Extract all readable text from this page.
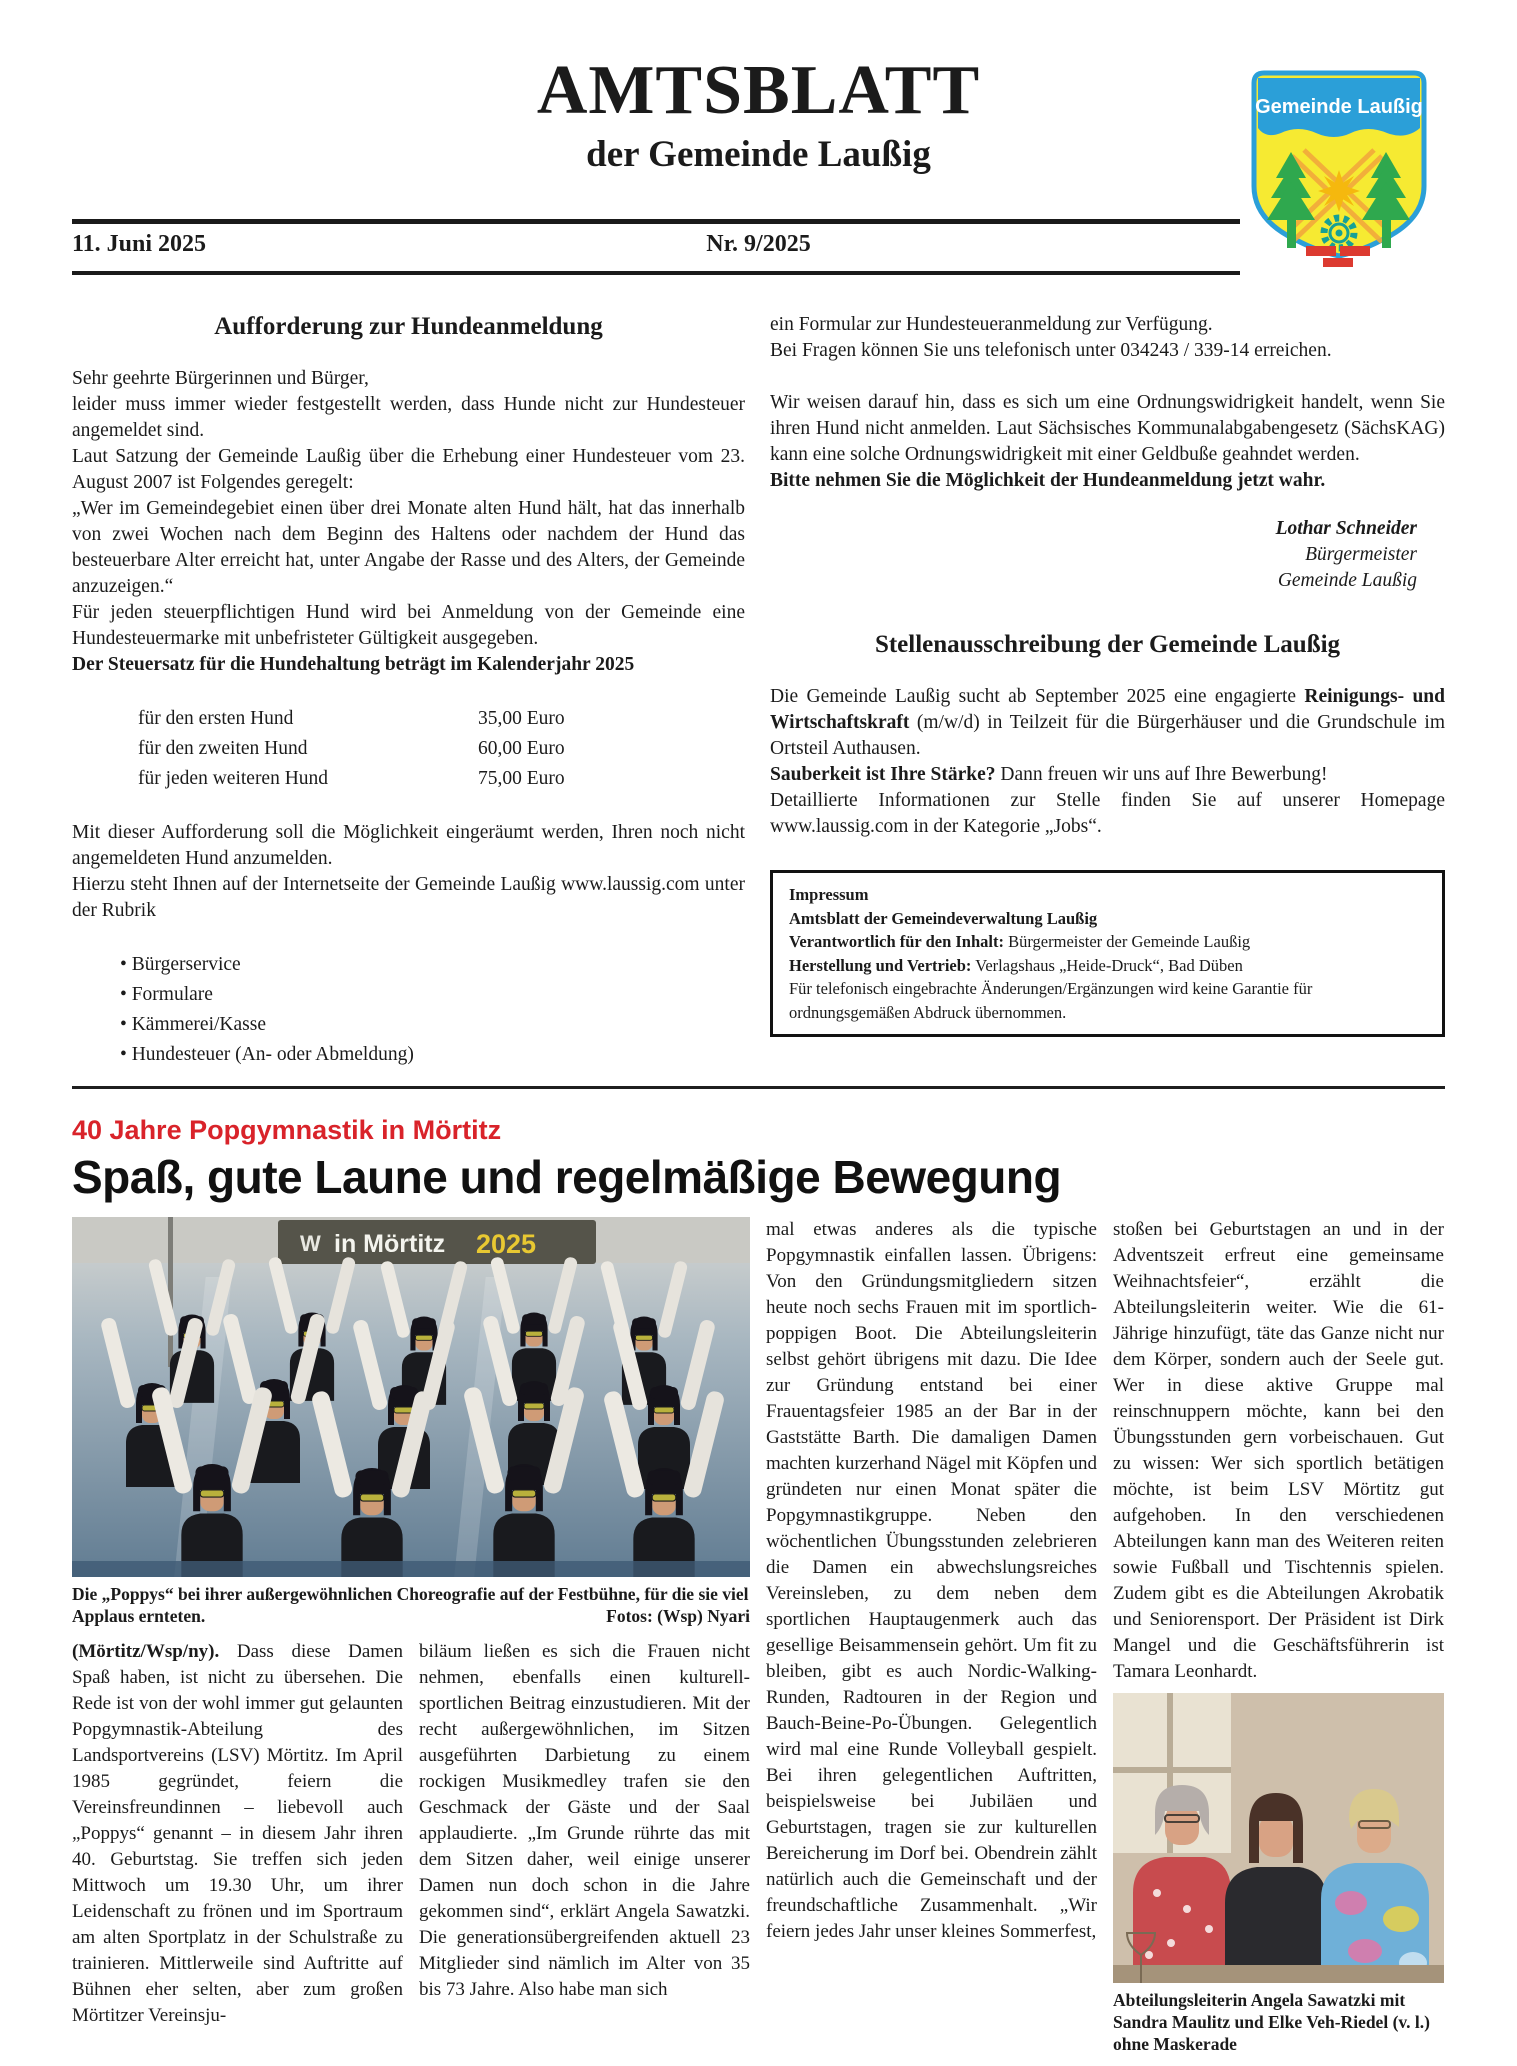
AMTSBLATT
der Gemeinde Laußig
Gemeinde Laußig
11. Juni 2025	Nr. 9/2025
Aufforderung zur Hundeanmeldung

Sehr geehrte Bürgerinnen und Bürger,

leider muss immer wieder festgestellt werden, dass Hunde nicht zur Hundesteuer angemeldet sind.

Laut Satzung der Gemeinde Laußig über die Erhebung einer Hundesteuer vom 23. August 2007 ist Folgendes geregelt:

„Wer im Gemeindegebiet einen über drei Monate alten Hund hält, hat das innerhalb von zwei Wochen nach dem Beginn des Haltens oder nachdem der Hund das besteuerbare Alter erreicht hat, unter Angabe der Rasse und des Alters, der Gemeinde anzuzeigen.“

Für jeden steuerpflichtigen Hund wird bei Anmeldung von der Gemeinde eine Hundesteuermarke mit unbefristeter Gültigkeit ausgegeben.

Der Steuersatz für die Hundehaltung beträgt im Kalenderjahr 2025

für den ersten Hund	35,00 Euro
für den zweiten Hund	60,00 Euro
für jeden weiteren Hund	75,00 Euro

Mit dieser Aufforderung soll die Möglichkeit eingeräumt werden, Ihren noch nicht angemeldeten Hund anzumelden.

Hierzu steht Ihnen auf der Internetseite der Gemeinde Laußig www.laussig.com unter der Rubrik

• Bürgerservice
• Formulare
• Kämmerei/Kasse
• Hundesteuer (An- oder Abmeldung)

ein Formular zur Hundesteueranmeldung zur Verfügung.

Bei Fragen können Sie uns telefonisch unter 034243 / 339-14 erreichen.

Wir weisen darauf hin, dass es sich um eine Ordnungswidrigkeit handelt, wenn Sie ihren Hund nicht anmelden. Laut Sächsisches Kommunalabgabengesetz (SächsKAG) kann eine solche Ordnungswidrigkeit mit einer Geldbuße geahndet werden.

Bitte nehmen Sie die Möglichkeit der Hundeanmeldung jetzt wahr.

Lothar Schneider
Bürgermeister
Gemeinde Laußig
Stellenausschreibung der Gemeinde Laußig

Die Gemeinde Laußig sucht ab September 2025 eine engagierte Reinigungs- und Wirtschaftskraft (m/w/d) in Teilzeit für die Bürgerhäuser und die Grundschule im Ortsteil Authausen.

Sauberkeit ist Ihre Stärke? Dann freuen wir uns auf Ihre Bewerbung!

Detaillierte Informationen zur Stelle finden Sie auf unserer Homepage www.laussig.com in der Kategorie „Jobs“.

Impressum
Amtsblatt der Gemeindeverwaltung Laußig
Verantwortlich für den Inhalt: Bürgermeister der Gemeinde Laußig
Herstellung und Vertrieb: Verlagshaus „Heide-Druck“, Bad Düben
Für telefonisch eingebrachte Änderungen/Ergänzungen wird keine Garantie für ordnungsgemäßen Abdruck übernommen.
40 Jahre Popgymnastik in Mörtitz
Spaß, gute Laune und regelmäßige Bewegung
W in Mörtitz 2025
Die „Poppys“ bei ihrer außergewöhnlichen Choreografie auf der Festbühne, für die sie viel Applaus ernteten.	Fotos: (Wsp) Nyari
(Mörtitz/Wsp/ny). Dass diese Damen Spaß haben, ist nicht zu übersehen. Die Rede ist von der wohl immer gut gelaunten Popgymnastik-Abteilung des Landsportvereins (LSV) Mörtitz. Im April 1985 gegründet, feiern die Vereinsfreundinnen – liebevoll auch „Poppys“ genannt – in diesem Jahr ihren 40. Geburtstag. Sie treffen sich jeden Mittwoch um 19.30 Uhr, um ihrer Leidenschaft zu frönen und im Sportraum am alten Sportplatz in der Schulstraße zu trainieren. Mittlerweile sind Auftritte auf Bühnen eher selten, aber zum großen Mörtitzer Vereinsju-
biläum ließen es sich die Frauen nicht nehmen, ebenfalls einen kulturell-sportlichen Beitrag einzustudieren. Mit der recht außergewöhnlichen, im Sitzen ausgeführten Darbietung zu einem rockigen Musikmedley trafen sie den Geschmack der Gäste und der Saal applaudierte. „Im Grunde rührte das mit dem Sitzen daher, weil einige unserer Damen nun doch schon in die Jahre gekommen sind“, erklärt Angela Sawatzki. Die generationsübergreifenden aktuell 23 Mitglieder sind nämlich im Alter von 35 bis 73 Jahre. Also habe man sich
mal etwas anderes als die typische Popgymnastik einfallen lassen. Übrigens: Von den Gründungsmitgliedern sitzen heute noch sechs Frauen mit im sportlich-poppigen Boot. Die Abteilungsleiterin selbst gehört übrigens mit dazu. Die Idee zur Gründung entstand bei einer Frauentagsfeier 1985 an der Bar in der Gaststätte Barth. Die damaligen Damen machten kurzerhand Nägel mit Köpfen und gründeten nur einen Monat später die Popgymnastikgruppe. Neben den wöchentlichen Übungsstunden zelebrieren die Damen ein abwechslungsreiches Vereinsleben, zu dem neben dem sportlichen Hauptaugenmerk auch das gesellige Beisammensein gehört. Um fit zu bleiben, gibt es auch Nordic-Walking-Runden, Radtouren in der Region und Bauch-Beine-Po-Übungen. Gelegentlich wird mal eine Runde Volleyball gespielt. Bei ihren gelegentlichen Auftritten, beispielsweise bei Jubiläen und Geburtstagen, tragen sie zur kulturellen Bereicherung im Dorf bei. Obendrein zählt natürlich auch die Gemeinschaft und der freundschaftliche Zusammenhalt. „Wir feiern jedes Jahr unser kleines Sommerfest,
stoßen bei Geburtstagen an und in der Adventszeit erfreut eine gemeinsame Weihnachtsfeier“, erzählt die Abteilungsleiterin weiter. Wie die 61-Jährige hinzufügt, täte das Ganze nicht nur dem Körper, sondern auch der Seele gut. Wer in diese aktive Gruppe mal reinschnuppern möchte, kann bei den Übungsstunden gern vorbeischauen. Gut zu wissen: Wer sich sportlich betätigen möchte, ist beim LSV Mörtitz gut aufgehoben. In den verschiedenen Abteilungen kann man des Weiteren reiten sowie Fußball und Tischtennis spielen. Zudem gibt es die Abteilungen Akrobatik und Seniorensport. Der Präsident ist Dirk Mangel und die Geschäftsführerin ist Tamara Leonhardt.
Abteilungsleiterin Angela Sawatzki mit Sandra Maulitz und Elke Veh-Riedel (v. l.) ohne Maskerade
